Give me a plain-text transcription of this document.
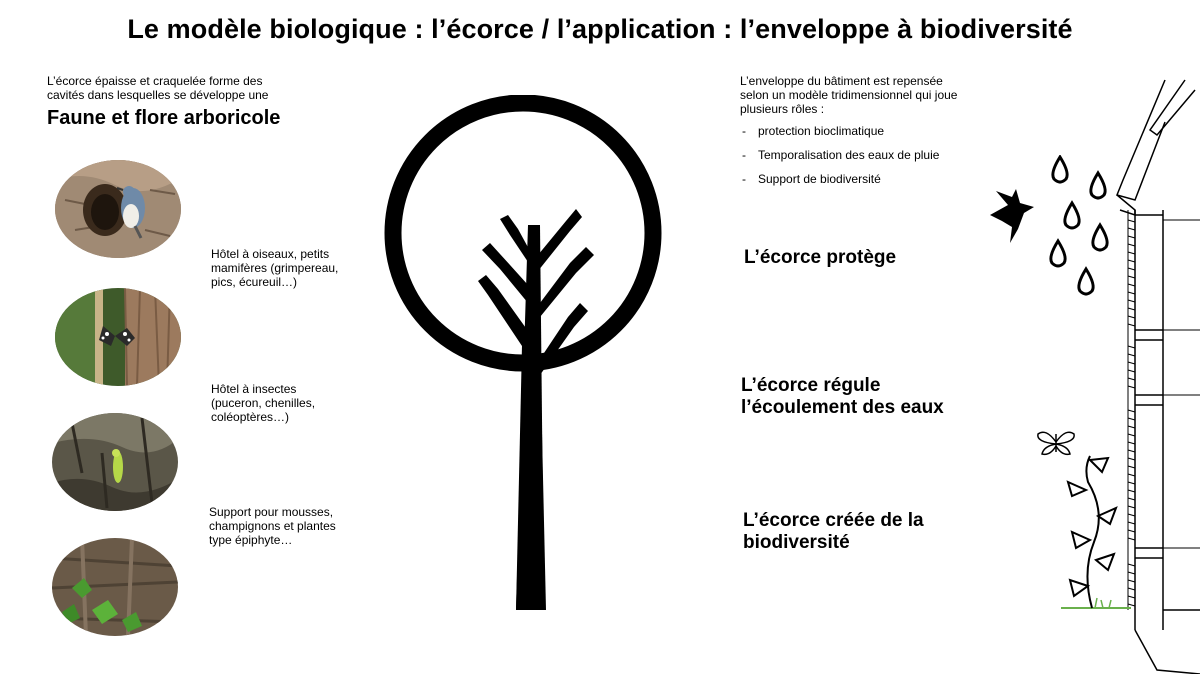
Le modèle biologique : l’écorce / l’application : l’enveloppe à biodiversité
L’écorce épaisse et craquelée forme des
cavités dans lesquelles se développe une
Faune et flore arboricole
Hôtel à oiseaux, petits
mamifères (grimpereau,
pics, écureuil…)
Hôtel à insectes
(puceron, chenilles,
coléoptères…)
Support pour mousses,
champignons et plantes
type épiphyte…
L’enveloppe du bâtiment est repensée
selon un modèle tridimensionnel qui joue
plusieurs rôles :
- protection bioclimatique
- Temporalisation des eaux de pluie
- Support de biodiversité
L’écorce protège
L’écorce régule
l’écoulement des eaux
L’écorce créée de la
biodiversité
